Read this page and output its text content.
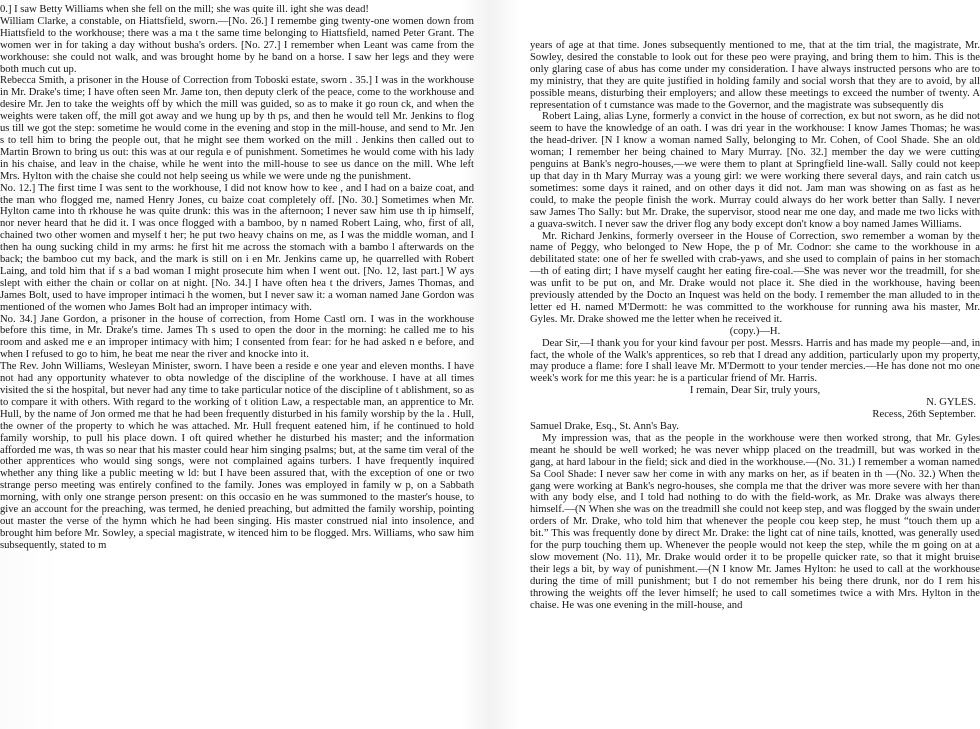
0.] I saw Betty Williams when she fell on the mill; she was quite ill. ight she was dead!

William Clarke, a constable, on Hiattsfield, sworn.—[No. 26.] I remembe ging twenty-one women down from Hiattsfield to the workhouse; there was a ma t the same time belonging to Hiattsfield, named Peter Grant. The women wer in for taking a day without busha's orders. [No. 27.] I remember when Leant was came from the workhouse: she could not walk, and was brought home by he band on a horse. I saw her legs and they were both much cut up.

Rebecca Smith, a prisoner in the House of Correction from Toboski estate, sworn . 35.] I was in the workhouse in Mr. Drake's time; I have often seen Mr. Jame ton, then deputy clerk of the peace, come to the workhouse and desire Mr. Jen to take the weights off by which the mill was guided, so as to make it go roun ck, and when the weights were taken off, the mill got away and we hung up by th ps, and then he would tell Mr. Jenkins to flog us till we got the step: sometime he would come in the evening and stop in the mill-house, and send to Mr. Jen s to tell him to bring the people out, that he might see them worked on the mill . Jenkins then called out to Martin Brown to bring us out: this was at our regula e of punishment. Sometimes he would come with his lady in his chaise, and leav in the chaise, while he went into the mill-house to see us dance on the mill. Whe left Mrs. Hylton with the chaise she could not help seeing us while we were unde ng the punishment.

No. 12.] The first time I was sent to the workhouse, I did not know how to kee , and I had on a baize coat, and the man who flogged me, named Henry Jones, cu baize coat completely off. [No. 30.] Sometimes when Mr. Hylton came into th rkhouse he was quite drunk: this was in the afternoon; I never saw him use th ip himself, nor never heard that he did it. I was once flogged with a bamboo, by n named Robert Laing, who, first of all, chained two other women and myself t her; he put two heavy chains on me, as I was the middle woman, and I then ha oung sucking child in my arms: he first hit me across the stomach with a bambo l afterwards on the back; the bamboo cut my back, and the mark is still on i en Mr. Jenkins came up, he quarrelled with Robert Laing, and told him that if s a bad woman I might prosecute him when I went out. [No. 12, last part.] W ays slept with either the chain or collar on at night. [No. 34.] I have often hea t the drivers, James Thomas, and James Bolt, used to have improper intimaci h the women, but I never saw it: a woman named Jane Gordon was mentioned of the women who James Bolt had an improper intimacy with.

No. 34.] Jane Gordon, a prisoner in the house of correction, from Home Castl orn. I was in the workhouse before this time, in Mr. Drake's time. James Th s used to open the door in the morning: he called me to his room and asked me e an improper intimacy with him; I consented from fear: for he had asked n e before, and when I refused to go to him, he beat me near the river and knocke into it.

The Rev. John Williams, Wesleyan Minister, sworn. I have been a reside e one year and eleven months. I have not had any opportunity whatever to obta nowledge of the discipline of the workhouse. I have at all times visited the si the hospital, but never had any time to take particular notice of the discipline of t ablishment, so as to compare it with others. With regard to the working of t olition Law, a respectable man, an apprentice to Mr. Hull, by the name of Jon ormed me that he had been frequently disturbed in his family worship by the la . Hull, the owner of the property to which he was attached. Mr. Hull frequent eatened him, if he continued to hold family worship, to pull his place down. I oft quired whether he disturbed his master; and the information afforded me was, th was so near that his master could hear him singing psalms; but, at the same tim veral of the other apprentices who would sing songs, were not complained agains turbers. I have frequently inquired whether any thing like a public meeting w ld: but I have been assured that, with the exception of one or two strange perso meeting was entirely confined to the family. Jones was employed in family w p, on a Sabbath morning, with only one strange person present: on this occasio en he was summoned to the master's house, to give an account for the preaching, was termed, he denied preaching, but admitted the family worship, pointing out master the verse of the hymn which he had been singing. His master construed nial into insolence, and brought him before Mr. Sowley, a special magistrate, w itenced him to be flogged. Mrs. Williams, who saw him subsequently, stated to m

years of age at that time. Jones subsequently mentioned to me, that at the tim trial, the magistrate, Mr. Sowley, desired the constable to look out for these peo were praying, and bring them to him. This is the only glaring case of abus has come under my consideration. I have always instructed persons who are to my ministry, that they are quite justified in holding family and social worsh that they are to avoid, by all possible means, disturbing their employers; and allow these meetings to exceed the number of twenty. A representation of t cumstance was made to the Governor, and the magistrate was subsequently dis

Robert Laing, alias Lyne, formerly a convict in the house of correction, ex but not sworn, as he did not seem to have the knowledge of an oath. I was dri year in the workhouse: I know James Thomas; he was the head-driver. [N I know a woman named Sally, belonging to Mr. Cohen, of Cool Shade. She an old woman; I remember her being chained to Mary Murray. [No. 32.] member the day we were cutting penguins at Bank's negro-houses,—we were them to plant at Springfield line-wall. Sally could not keep up that day in th Mary Murray was a young girl: we were working there several days, and rain catch us sometimes: some days it rained, and on other days it did not. Jam man was showing on as fast as he could, to make the people finish the work. Murray could always do her work better than Sally. I never saw James Tho Sally: but Mr. Drake, the supervisor, stood near me one day, and made me two licks with a guava-switch. I never saw the driver flog any body except don't know a boy named James Williams.

Mr. Richard Jenkins, formerly overseer in the House of Correction, swo remember a woman by the name of Peggy, who belonged to New Hope, the p of Mr. Codnor: she came to the workhouse in a debilitated state: one of her fe swelled with crab-yaws, and she used to complain of pains in her stomach—th of eating dirt; I have myself caught her eating fire-coal.—She was never wor the treadmill, for she was unfit to be put on, and Mr. Drake would not place it. She died in the workhouse, having been previously attended by the Docto an Inquest was held on the body. I remember the man alluded to in the letter ed H. named M'Dermott: he was committed to the workhouse for running awa his master, Mr. Gyles. Mr. Drake showed me the letter when he received it.

(copy.)—H.

Dear Sir,—I thank you for your kind favour per post. Messrs. Harris and has made my people—and, in fact, the whole of the Walk's apprentices, so reb that I dread any addition, particularly upon my property, may produce a flame: fore I shall leave Mr. M'Dermott to your tender mercies.—He has done not mo one week's work for me this year: he is a particular friend of Mr. Harris.

I remain, Dear Sir, truly yours,

N. GYLES.

Recess, 26th September.

Samuel Drake, Esq., St. Ann's Bay.

My impression was, that as the people in the workhouse were then worked strong, that Mr. Gyles meant he should be well worked; he was never whipp placed on the treadmill, but was worked in the gang, at hard labour in the field; sick and died in the workhouse.—(No. 31.) I remember a woman named Sa Cool Shade: I never saw her come in with any marks on her, as if beaten in th —(No. 32.) When the gang were working at Bank's negro-houses, she compla me that the driver was more severe with her than with any body else, and I told had nothing to do with the field-work, as Mr. Drake was always there himself.—(N When she was on the treadmill she could not keep step, and was flogged by the swain under orders of Mr. Drake, who told him that whenever the people cou keep step, he must “touch them up a bit.” This was frequently done by direct Mr. Drake: the light cat of nine tails, knotted, was generally used for the purp touching them up. Whenever the people would not keep the step, while the m going on at a slow movement (No. 11), Mr. Drake would order it to be propelle quicker rate, so that it might bruise their legs a bit, by way of punishment.—(N I know Mr. James Hylton: he used to call at the workhouse during the time of mill punishment; but I do not remember his being there drunk, nor do I rem his throwing the weights off the lever himself; he used to call sometimes twice a with Mrs. Hylton in the chaise. He was one evening in the mill-house, and
